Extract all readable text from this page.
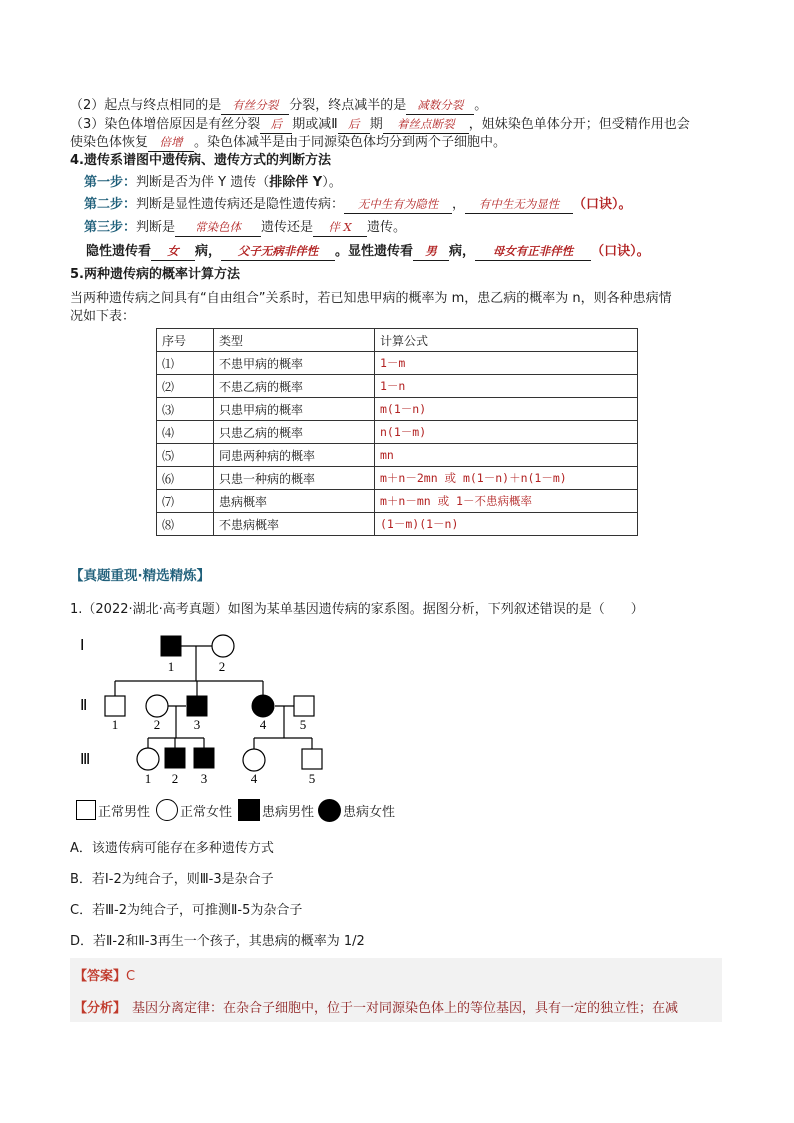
（2）起点与终点相同的是 有丝分裂 分裂，终点减半的是 减数分裂 。
（3）染色体增倍原因是有丝分裂 后 期或减Ⅱ 后 期 着丝点断裂 ，姐妹染色单体分开；但受精作用也会
使染色体恢复 倍增 。染色体减半是由于同源染色体均分到两个子细胞中。
4.遗传系谱图中遗传病、遗传方式的判断方法
第一步：判断是否为伴 Y 遗传（排除伴 Y）。
第二步：判断是显性遗传病还是隐性遗传病： 无中生有为隐性 ， 有中生无为显性 （口诀）。
第三步：判断是 常染色体 遗传还是 伴 X 遗传。
隐性遗传看 女 病， 父子无病非伴性 。显性遗传看 男 病， 母女有正非伴性 （口诀）。
5.两种遗传病的概率计算方法
当两种遗传病之间具有“自由组合”关系时，若已知患甲病的概率为 m，患乙病的概率为 n，则各种患病情
况如下表：
序号	类型	计算公式
⑴	不患甲病的概率	1－m
⑵	不患乙病的概率	1－n
⑶	只患甲病的概率	m(1－n)
⑷	只患乙病的概率	n(1－m)
⑸	同患两种病的概率	mn
⑹	只患一种病的概率	m＋n－2mn 或 m(1－n)＋n(1－m)
⑺	患病概率	m＋n－mn 或 1－不患病概率
⑻	不患病概率	(1－m)(1－n)
【真题重现·精选精炼】
1.（2022·湖北·高考真题）如图为某单基因遗传病的家系图。据图分析，下列叙述错误的是（　　）
Ⅰ
Ⅱ
Ⅲ
1	2
1	2	3	4	5
1 2 3	4	5
正常男性 正常女性 患病男性 患病女性
A．该遗传病可能存在多种遗传方式
B．若Ⅰ-2为纯合子，则Ⅲ-3是杂合子
C．若Ⅲ-2为纯合子，可推测Ⅱ-5为杂合子
D．若Ⅱ-2和Ⅱ-3再生一个孩子，其患病的概率为 1/2
【答案】C
【分析】 基因分离定律：在杂合子细胞中，位于一对同源染色体上的等位基因，具有一定的独立性；在减
